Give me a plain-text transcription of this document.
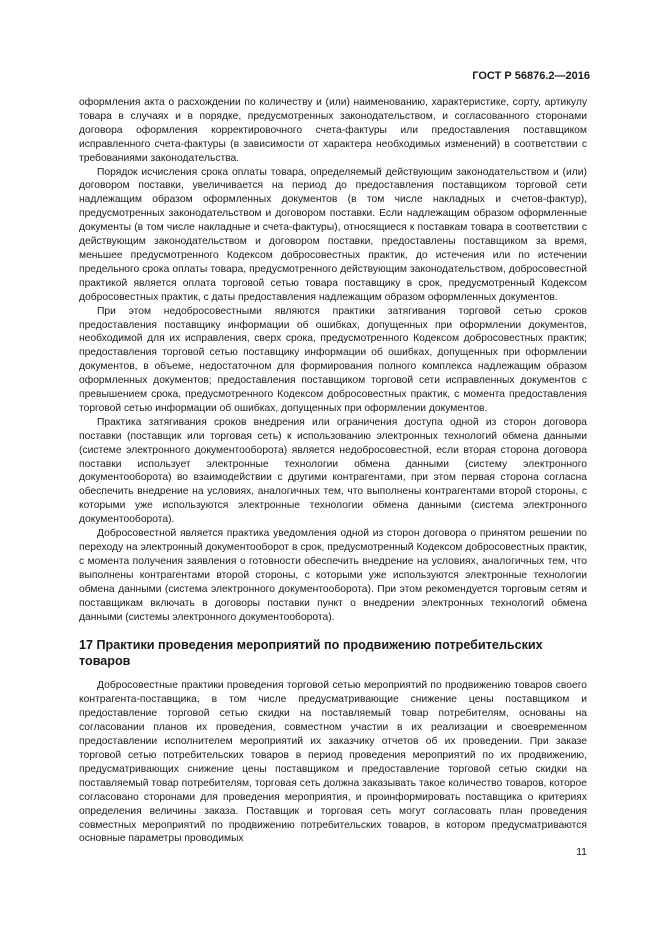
ГОСТ Р 56876.2—2016

оформления акта о расхождении по количеству и (или) наименованию, характеристике, сорту, артикулу товара в случаях и в порядке, предусмотренных законодательством, и согласованного сторонами договора оформления корректировочного счета-фактуры или предоставления поставщиком исправленного счета-фактуры (в зависимости от характера необходимых изменений) в соответствии с требованиями законодательства.

Порядок исчисления срока оплаты товара, определяемый действующим законодательством и (или) договором поставки, увеличивается на период до предоставления поставщиком торговой сети надлежащим образом оформленных документов (в том числе накладных и счетов-фактур), предусмотренных законодательством и договором поставки. Если надлежащим образом оформленные документы (в том числе накладные и счета-фактуры), относящиеся к поставкам товара в соответствии с действующим законодательством и договором поставки, предоставлены поставщиком за время, меньшее предусмотренного Кодексом добросовестных практик, до истечения или по истечении предельного срока оплаты товара, предусмотренного действующим законодательством, добросовестной практикой является оплата торговой сетью товара поставщику в срок, предусмотренный Кодексом добросовестных практик, с даты предоставления надлежащим образом оформленных документов.

При этом недобросовестными являются практики затягивания торговой сетью сроков предоставления поставщику информации об ошибках, допущенных при оформлении документов, необходимой для их исправления, сверх срока, предусмотренного Кодексом добросовестных практик; предоставления торговой сетью поставщику информации об ошибках, допущенных при оформлении документов, в объеме, недостаточном для формирования полного комплекса надлежащим образом оформленных документов; предоставления поставщиком торговой сети исправленных документов с превышением срока, предусмотренного Кодексом добросовестных практик, с момента предоставления торговой сетью информации об ошибках, допущенных при оформлении документов.

Практика затягивания сроков внедрения или ограничения доступа одной из сторон договора поставки (поставщик или торговая сеть) к использованию электронных технологий обмена данными (системе электронного документооборота) является недобросовестной, если вторая сторона договора поставки использует электронные технологии обмена данными (систему электронного документооборота) во взаимодействии с другими контрагентами, при этом первая сторона согласна обеспечить внедрение на условиях, аналогичных тем, что выполнены контрагентами второй стороны, с которыми уже используются электронные технологии обмена данными (система электронного документооборота).

Добросовестной является практика уведомления одной из сторон договора о принятом решении по переходу на электронный документооборот в срок, предусмотренный Кодексом добросовестных практик, с момента получения заявления о готовности обеспечить внедрение на условиях, аналогичных тем, что выполнены контрагентами второй стороны, с которыми уже используются электронные технологии обмена данными (система электронного документооборота). При этом рекомендуется торговым сетям и поставщикам включать в договоры поставки пункт о внедрении электронных технологий обмена данными (системы электронного документооборота).

17 Практики проведения мероприятий по продвижению потребительских товаров

Добросовестные практики проведения торговой сетью мероприятий по продвижению товаров своего контрагента-поставщика, в том числе предусматривающие снижение цены поставщиком и предоставление торговой сетью скидки на поставляемый товар потребителям, основаны на согласовании планов их проведения, совместном участии в их реализации и своевременном предоставлении исполнителем мероприятий их заказчику отчетов об их проведении. При заказе торговой сетью потребительских товаров в период проведения мероприятий по их продвижению, предусматривающих снижение цены поставщиком и предоставление торговой сетью скидки на поставляемый товар потребителям, торговая сеть должна заказывать такое количество товаров, которое согласовано сторонами для проведения мероприятия, и проинформировать поставщика о критериях определения величины заказа. Поставщик и торговая сеть могут согласовать план проведения совместных мероприятий по продвижению потребительских товаров, в котором предусматриваются основные параметры проводимых

11
